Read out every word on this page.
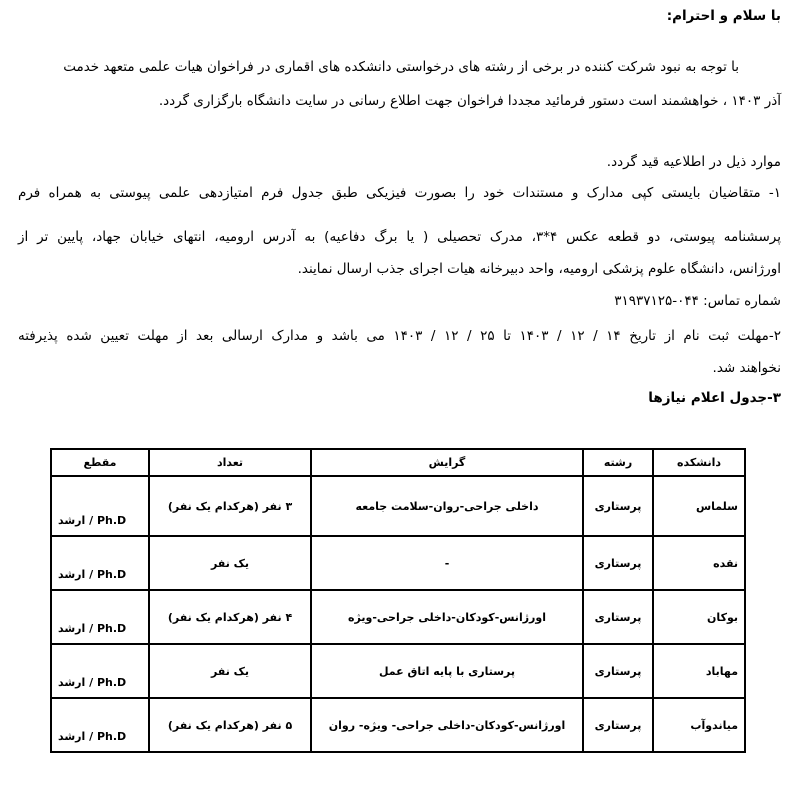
با سلام و احترام:
با توجه به نبود شرکت کننده در برخی از رشته های درخواستی دانشکده های اقماری در فراخوان هیات علمی متعهد خدمت
آذر ۱۴۰۳ ، خواهشمند است دستور فرمائید مجددا فراخوان جهت اطلاع رسانی در سایت دانشگاه بارگزاری گردد.
موارد ذیل در اطلاعیه قید گردد.
۱- متقاضیان بایستی کپی مدارک و مستندات خود را بصورت فیزیکی طبق جدول فرم امتیازدهی علمی پیوستی به همراه فرم
پرسشنامه پیوستی، دو قطعه عکس ۴*۳، مدرک تحصیلی ( یا برگ دفاعیه) به آدرس ارومیه، انتهای خیابان جهاد، پایین تر از
اورژانس، دانشگاه علوم پزشکی ارومیه، واحد دبیرخانه هیات اجرای جذب ارسال نمایند.
شماره تماس: ۰۴۴-۳۱۹۳۷۱۲۵
۲-مهلت ثبت نام از تاریخ ۱۴ / ۱۲ / ۱۴۰۳ تا ۲۵ / ۱۲ / ۱۴۰۳ می باشد و مدارک ارسالی بعد از مهلت تعیین شده پذیرفته
نخواهند شد.
۳-جدول اعلام نیازها
دانشکده	رشته	گرایش	تعداد	مقطع
سلماس	پرستاری	داخلی جراحی-روان-سلامت جامعه	۳ نفر (هرکدام یک نفر)	Ph.D / ارشد
نقده	پرستاری	-	یک نفر	Ph.D / ارشد
بوکان	پرستاری	اورژانس-کودکان-داخلی جراحی-ویژه	۴ نفر (هرکدام یک نفر)	Ph.D / ارشد
مهاباد	پرستاری	پرستاری با پایه اتاق عمل	یک نفر	Ph.D / ارشد
میاندوآب	پرستاری	اورژانس-کودکان-داخلی جراحی- ویژه- روان	۵ نفر (هرکدام یک نفر)	Ph.D / ارشد
